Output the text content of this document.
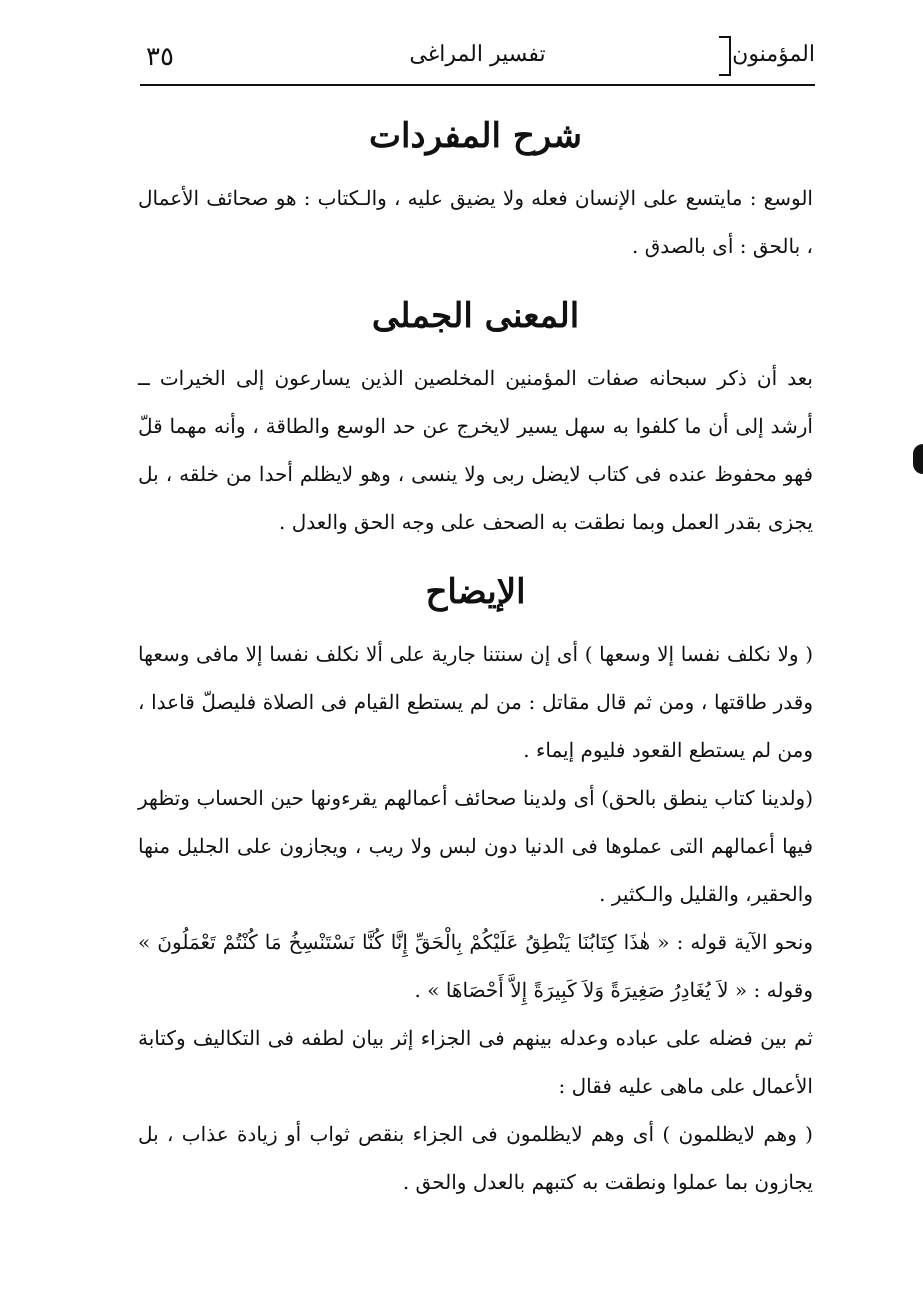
٣٥	تفسير المراغى	المؤمنون
شرح المفردات

الوسع : مايتسع على الإنسان فعله ولا يضيق عليه ، والـكتاب : هو صحائف الأعمال ، بالحق : أى بالصدق .

المعنى الجملى

بعد أن ذكر سبحانه صفات المؤمنين المخلصين الذين يسارعون إلى الخيرات ــ أرشد إلى أن ما كلفوا به سهل يسير لايخرج عن حد الوسع والطاقة ، وأنه مهما قلّ فهو محفوظ عنده فى كتاب لايضل ربى ولا ينسى ، وهو لايظلم أحدا من خلقه ، بل يجزى بقدر العمل وبما نطقت به الصحف على وجه الحق والعدل .

الإيضاح

( ولا نكلف نفسا إلا وسعها ) أى إن سنتنا جارية على ألا نكلف نفسا إلا مافى وسعها وقدر طاقتها ، ومن ثم قال مقاتل : من لم يستطع القيام فى الصلاة فليصلّ قاعدا ، ومن لم يستطع القعود فليوم إيماء .

(ولدينا كتاب ينطق بالحق) أى ولدينا صحائف أعمالهم يقرءونها حين الحساب وتظهر فيها أعمالهم التى عملوها فى الدنيا دون لبس ولا ريب ، ويجازون على الجليل منها والحقير، والقليل والـكثير .

ونحو الآية قوله : « هٰذَا كِتَابُنَا يَنْطِقُ عَلَيْكُمْ بِالْحَقِّ إِنَّا كُنَّا نَسْتَنْسِخُ مَا كُنْتُمْ تَعْمَلُونَ » وقوله : « لاَ يُغَادِرُ صَغِيرَةً وَلاَ كَبِيرَةً إِلاَّ أَحْصَاهَا » .

ثم بين فضله على عباده وعدله بينهم فى الجزاء إثر بيان لطفه فى التكاليف وكتابة الأعمال على ماهى عليه فقال :

( وهم لايظلمون ) أى وهم لايظلمون فى الجزاء بنقص ثواب أو زيادة عذاب ، بل يجازون بما عملوا ونطقت به كتبهم بالعدل والحق .
